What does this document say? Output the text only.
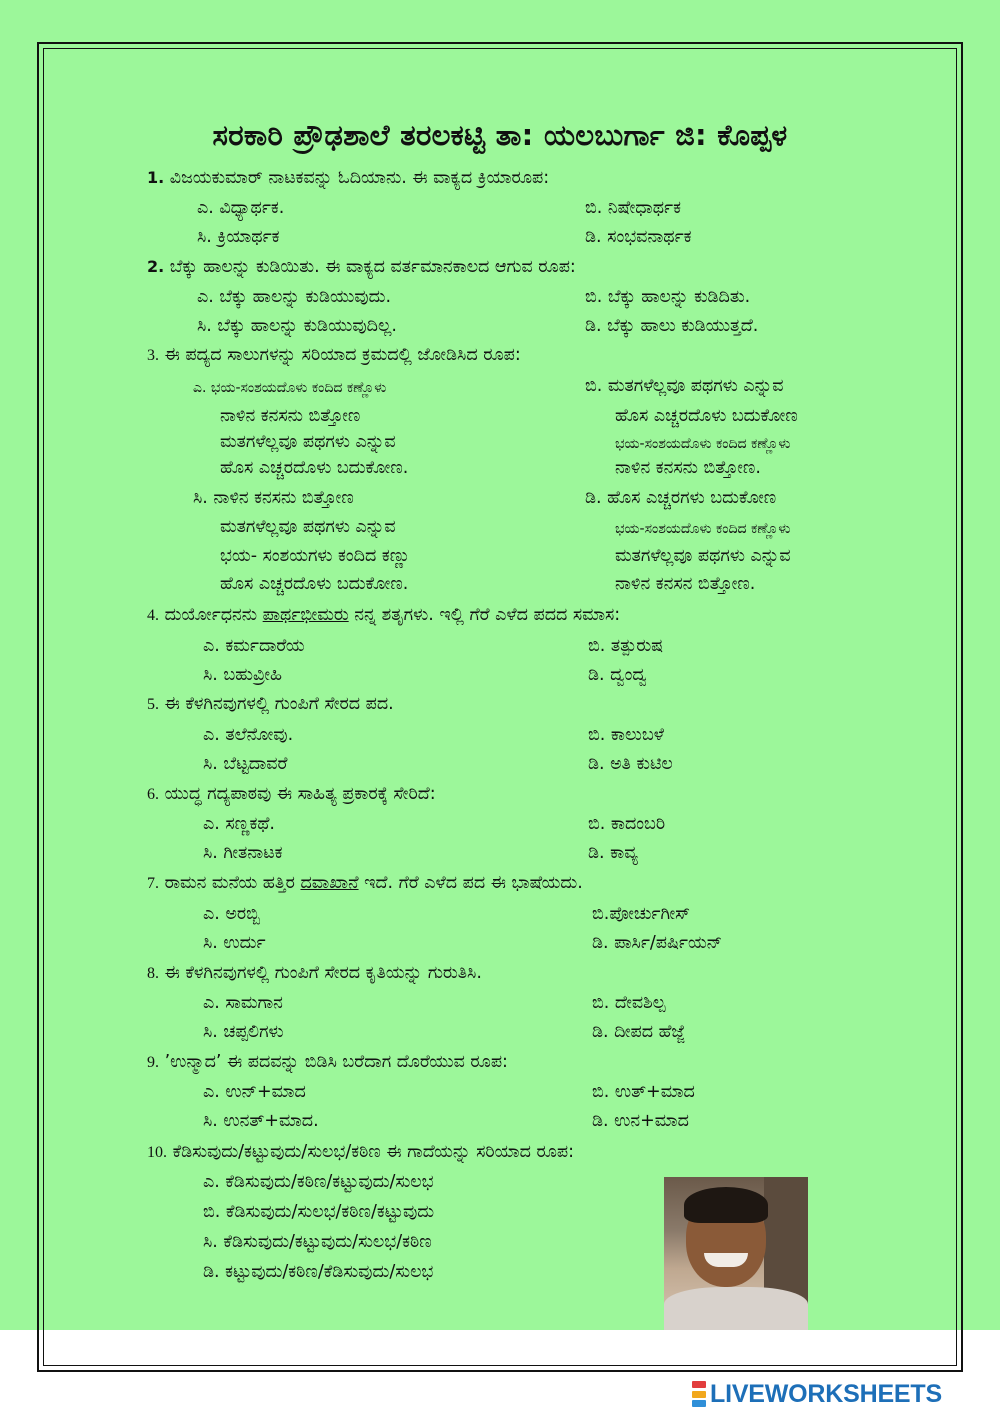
ಸರಕಾರಿ ಪ್ರೌಢಶಾಲೆ ತರಲಕಟ್ಟಿ ತಾ: ಯಲಬುರ್ಗಾ ಜಿ: ಕೊಪ್ಪಳ
1. ವಿಜಯಕುಮಾರ್ ನಾಟಕವನ್ನು ಓದಿಯಾನು. ಈ ವಾಕ್ಯದ ಕ್ರಿಯಾರೂಪ:
ಎ. ವಿಧ್ಯಾರ್ಥಕ.	ಬಿ. ನಿಷೇಧಾರ್ಥಕ
ಸಿ. ಕ್ರಿಯಾರ್ಥಕ	ಡಿ. ಸಂಭವನಾರ್ಥಕ
2. ಬೆಕ್ಕು ಹಾಲನ್ನು ಕುಡಿಯಿತು. ಈ ವಾಕ್ಯದ ವರ್ತಮಾನಕಾಲದ ಆಗುವ ರೂಪ:
ಎ. ಬೆಕ್ಕು ಹಾಲನ್ನು ಕುಡಿಯುವುದು.	ಬಿ. ಬೆಕ್ಕು ಹಾಲನ್ನು ಕುಡಿದಿತು.
ಸಿ. ಬೆಕ್ಕು ಹಾಲನ್ನು ಕುಡಿಯುವುದಿಲ್ಲ.	ಡಿ. ಬೆಕ್ಕು ಹಾಲು ಕುಡಿಯುತ್ತದೆ.
3. ಈ ಪದ್ಯದ ಸಾಲುಗಳನ್ನು ಸರಿಯಾದ ಕ್ರಮದಲ್ಲಿ ಜೋಡಿಸಿದ ರೂಪ:
ಎ. ಭಯ-ಸಂಶಯದೊಳು ಕಂದಿದ ಕಣ್ಣೊಳು
ನಾಳಿನ ಕನಸನು ಬಿತ್ತೋಣ
ಮತಗಳೆಲ್ಲವೂ ಪಥಗಳು ಎನ್ನುವ
ಹೊಸ ಎಚ್ಚರದೊಳು ಬದುಕೋಣ.
ಬಿ. ಮತಗಳೆಲ್ಲವೂ ಪಥಗಳು ಎನ್ನುವ
ಹೊಸ ಎಚ್ಚರದೊಳು ಬದುಕೋಣ
ಭಯ-ಸಂಶಯದೊಳು ಕಂದಿದ ಕಣ್ಣೊಳು
ನಾಳಿನ ಕನಸನು ಬಿತ್ತೋಣ.
ಸಿ. ನಾಳಿನ ಕನಸನು ಬಿತ್ತೋಣ
ಮತಗಳೆಲ್ಲವೂ ಪಥಗಳು ಎನ್ನುವ
ಭಯ- ಸಂಶಯಗಳು ಕಂದಿದ ಕಣ್ಣು
ಹೊಸ ಎಚ್ಚರದೊಳು ಬದುಕೋಣ.
ಡಿ. ಹೊಸ ಎಚ್ಚರಗಳು ಬದುಕೋಣ
ಭಯ-ಸಂಶಯದೊಳು ಕಂದಿದ ಕಣ್ಣೊಳು
ಮತಗಳೆಲ್ಲವೂ ಪಥಗಳು ಎನ್ನುವ
ನಾಳಿನ ಕನಸನ ಬಿತ್ತೋಣ.
4. ದುರ್ಯೋಧನನು ಪಾರ್ಥಭೀಮರು ನನ್ನ ಶತೃಗಳು. ಇಲ್ಲಿ ಗೆರೆ ಎಳೆದ ಪದದ ಸಮಾಸ:
ಎ. ಕರ್ಮದಾರೆಯ	ಬಿ. ತತ್ಪುರುಷ
ಸಿ. ಬಹುವ್ರೀಹಿ	ಡಿ. ದ್ವಂದ್ವ
5. ಈ ಕೆಳಗಿನವುಗಳಲ್ಲಿ ಗುಂಪಿಗೆ ಸೇರದ ಪದ.
ಎ. ತಲೆನೋವು.	ಬಿ. ಕಾಲುಬಳೆ
ಸಿ. ಬೆಟ್ಟದಾವರೆ	ಡಿ. ಅತಿ ಕುಟಿಲ
6. ಯುದ್ಧ ಗದ್ಯಪಾಠವು ಈ ಸಾಹಿತ್ಯ ಪ್ರಕಾರಕ್ಕೆ ಸೇರಿದೆ:
ಎ. ಸಣ್ಣಕಥೆ.	ಬಿ. ಕಾದಂಬರಿ
ಸಿ. ಗೀತನಾಟಕ	ಡಿ. ಕಾವ್ಯ
7. ರಾಮನ ಮನೆಯ ಹತ್ತಿರ ದವಾಖಾನೆ ಇದೆ. ಗೆರೆ ಎಳೆದ ಪದ ಈ ಭಾಷೆಯದು.
ಎ. ಅರಬ್ಬಿ	ಬಿ.ಪೋರ್ಚುಗೀಸ್
ಸಿ. ಉರ್ದು	ಡಿ. ಪಾರ್ಸಿ/ಪರ್ಷಿಯನ್
8. ಈ ಕೆಳಗಿನವುಗಳಲ್ಲಿ ಗುಂಪಿಗೆ ಸೇರದ ಕೃತಿಯನ್ನು ಗುರುತಿಸಿ.
ಎ. ಸಾಮಗಾನ	ಬಿ. ದೇವಶಿಲ್ಪ
ಸಿ. ಚಪ್ಪಲಿಗಳು	ಡಿ. ದೀಪದ ಹೆಜ್ಜೆ
9. ’ಉನ್ಮಾದ’ ಈ ಪದವನ್ನು ಬಿಡಿಸಿ ಬರೆದಾಗ ದೊರೆಯುವ ರೂಪ:
ಎ. ಉನ್+ಮಾದ	ಬಿ. ಉತ್+ಮಾದ
ಸಿ. ಉನತ್+ಮಾದ.	ಡಿ. ಉನ+ಮಾದ
10. ಕೆಡಿಸುವುದು/ಕಟ್ಟುವುದು/ಸುಲಭ/ಕಠಿಣ ಈ ಗಾದೆಯನ್ನು ಸರಿಯಾದ ರೂಪ:
ಎ. ಕೆಡಿಸುವುದು/ಕಠಿಣ/ಕಟ್ಟುವುದು/ಸುಲಭ
ಬಿ. ಕೆಡಿಸುವುದು/ಸುಲಭ/ಕಠಿಣ/ಕಟ್ಟುವುದು
ಸಿ. ಕೆಡಿಸುವುದು/ಕಟ್ಟುವುದು/ಸುಲಭ/ಕಠಿಣ
ಡಿ. ಕಟ್ಟುವುದು/ಕಠಿಣ/ಕೆಡಿಸುವುದು/ಸುಲಭ
LIVEWORKSHEETS
